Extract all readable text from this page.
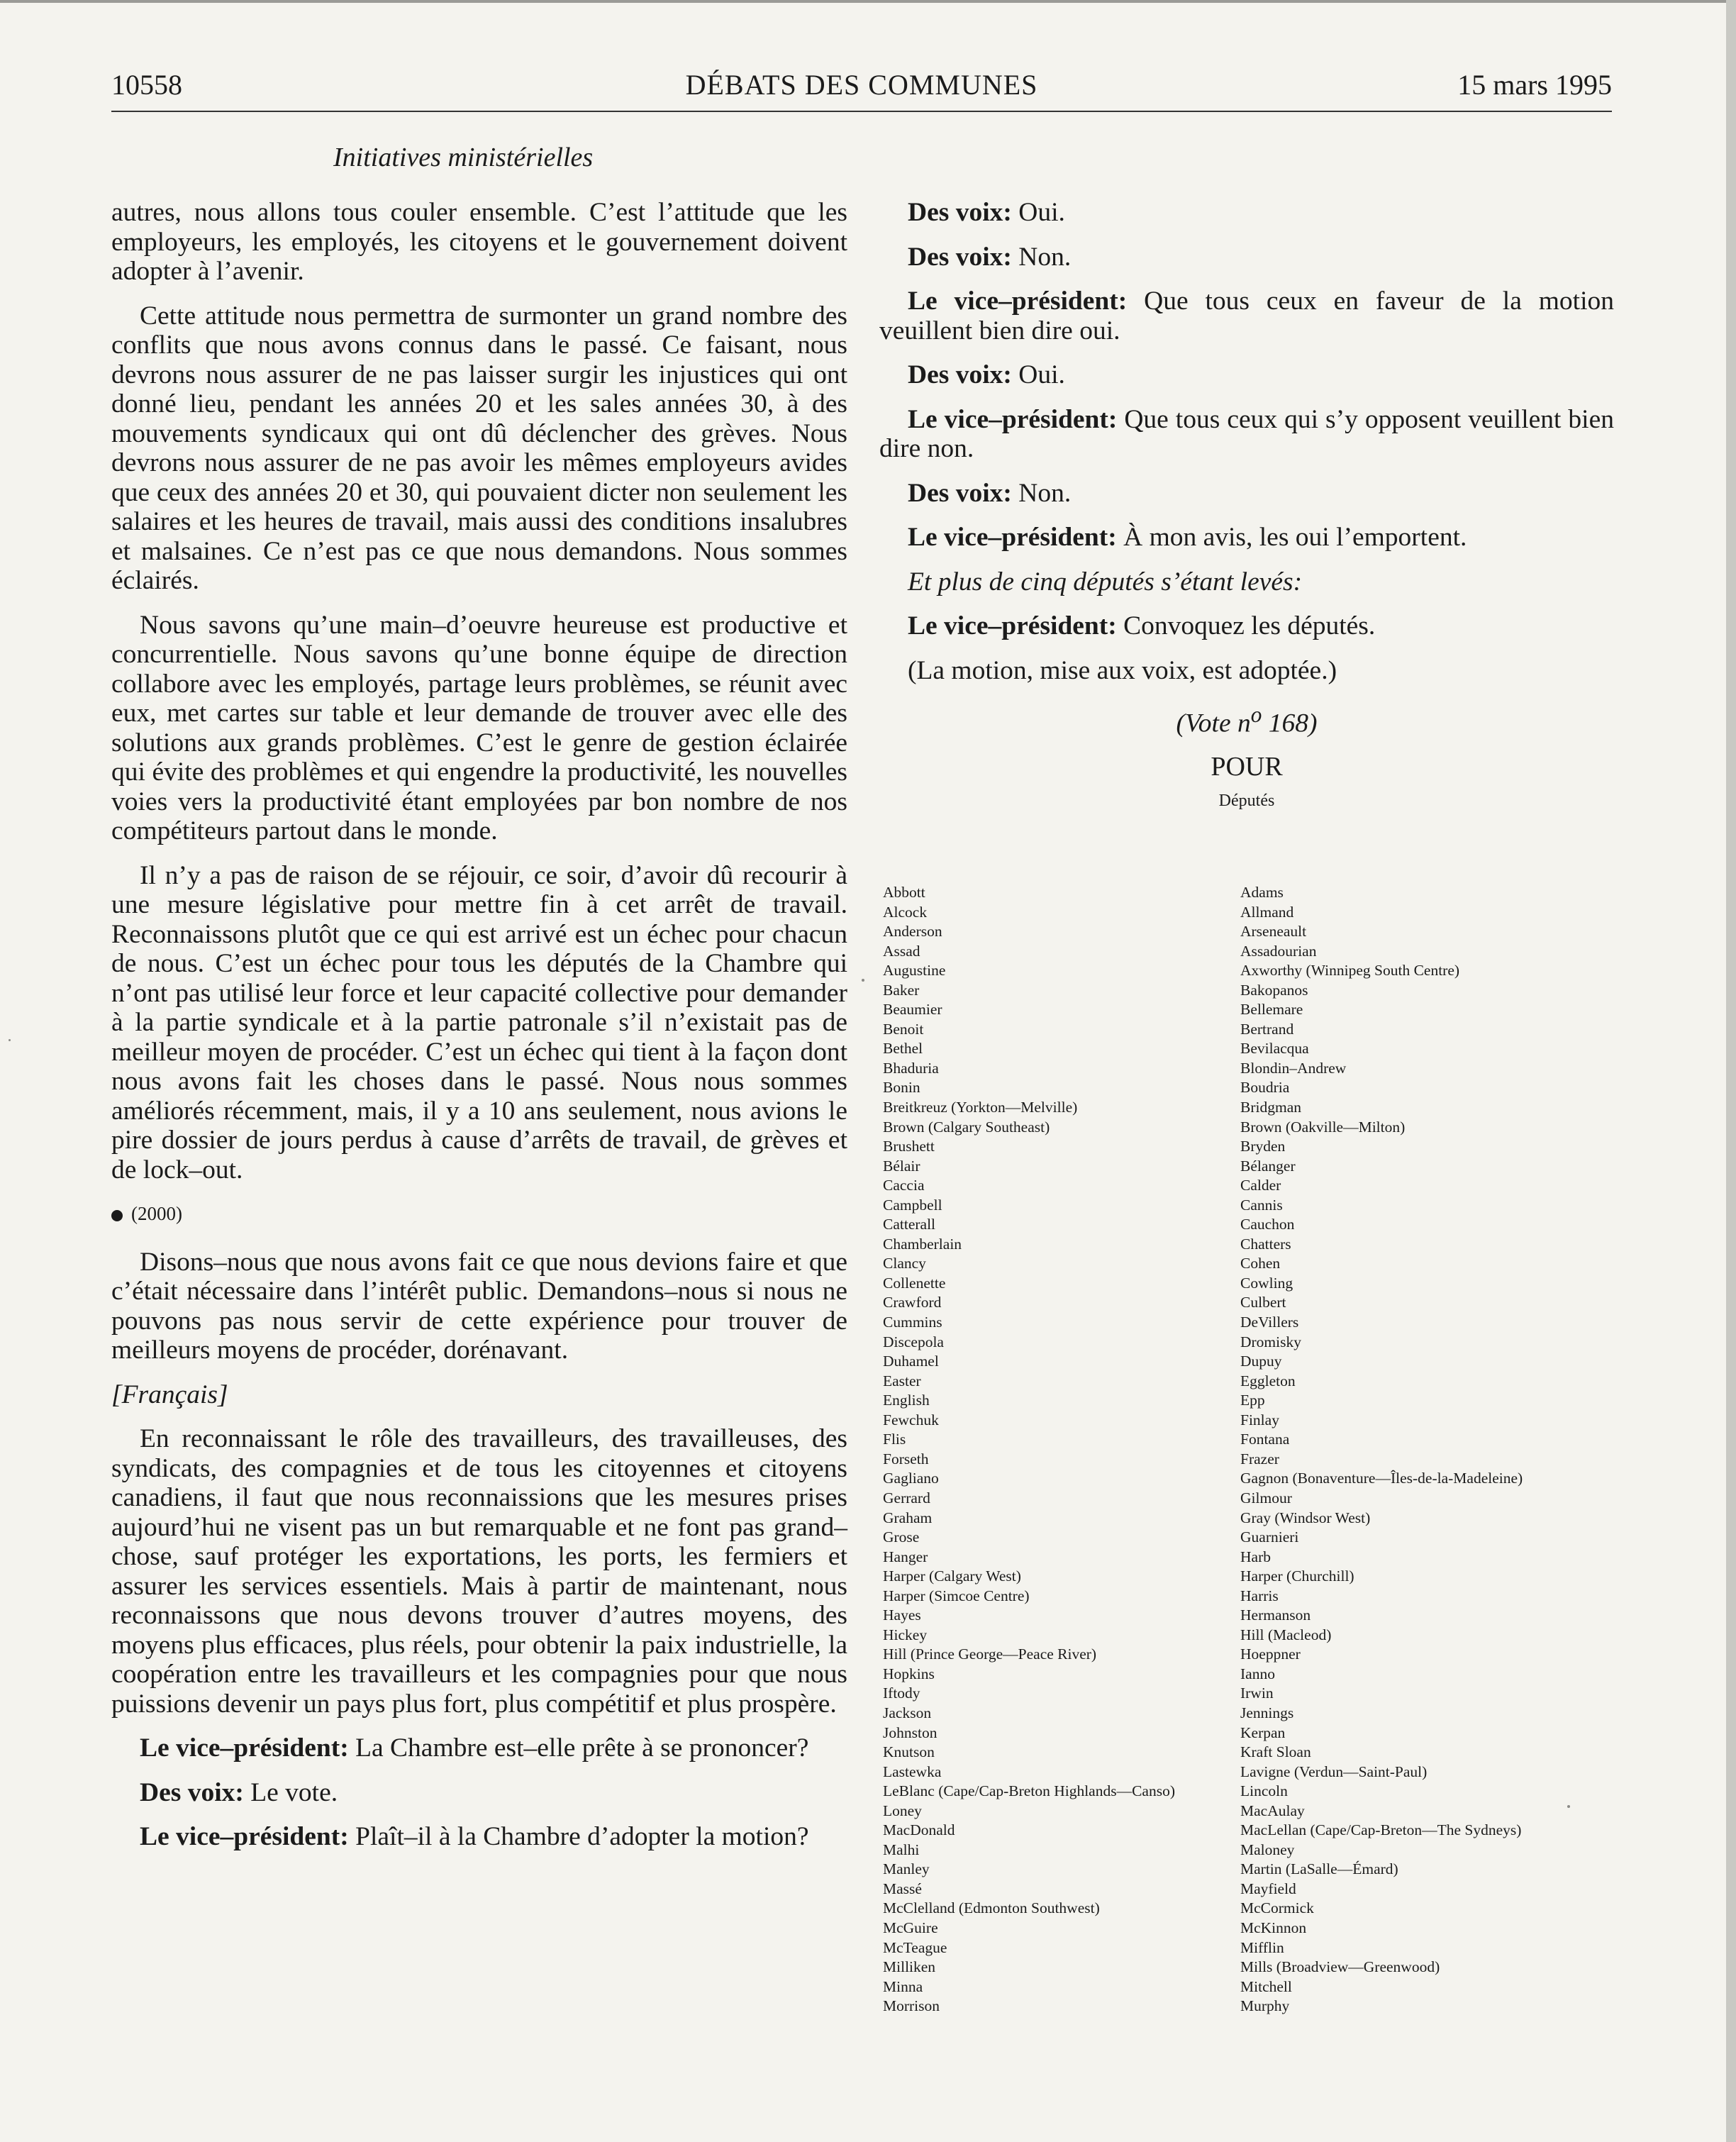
10558	DÉBATS DES COMMUNES	15 mars 1995
Initiatives ministérielles

autres, nous allons tous couler ensemble. C’est l’attitude que les employeurs, les employés, les citoyens et le gouvernement doivent adopter à l’avenir.

Cette attitude nous permettra de surmonter un grand nombre des conflits que nous avons connus dans le passé. Ce faisant, nous devrons nous assurer de ne pas laisser surgir les injustices qui ont donné lieu, pendant les années 20 et les sales années 30, à des mouvements syndicaux qui ont dû déclencher des grèves. Nous devrons nous assurer de ne pas avoir les mêmes employeurs avides que ceux des années 20 et 30, qui pouvaient dicter non seulement les salaires et les heures de travail, mais aussi des conditions insalubres et malsaines. Ce n’est pas ce que nous demandons. Nous sommes éclairés.

Nous savons qu’une main–d’oeuvre heureuse est productive et concurrentielle. Nous savons qu’une bonne équipe de direction collabore avec les employés, partage leurs problèmes, se réunit avec eux, met cartes sur table et leur demande de trouver avec elle des solutions aux grands problèmes. C’est le genre de gestion éclairée qui évite des problèmes et qui engendre la productivité, les nouvelles voies vers la productivité étant employées par bon nombre de nos compétiteurs partout dans le monde.

Il n’y a pas de raison de se réjouir, ce soir, d’avoir dû recourir à une mesure législative pour mettre fin à cet arrêt de travail. Reconnaissons plutôt que ce qui est arrivé est un échec pour chacun de nous. C’est un échec pour tous les députés de la Chambre qui n’ont pas utilisé leur force et leur capacité collective pour demander à la partie syndicale et à la partie patronale s’il n’existait pas de meilleur moyen de procéder. C’est un échec qui tient à la façon dont nous avons fait les choses dans le passé. Nous nous sommes améliorés récemment, mais, il y a 10 ans seulement, nous avions le pire dossier de jours perdus à cause d’arrêts de travail, de grèves et de lock–out.

(2000)

Disons–nous que nous avons fait ce que nous devions faire et que c’était nécessaire dans l’intérêt public. Demandons–nous si nous ne pouvons pas nous servir de cette expérience pour trouver de meilleurs moyens de procéder, dorénavant.

[Français]

En reconnaissant le rôle des travailleurs, des travailleuses, des syndicats, des compagnies et de tous les citoyennes et citoyens canadiens, il faut que nous reconnaissions que les mesures prises aujourd’hui ne visent pas un but remarquable et ne font pas grand–chose, sauf protéger les exportations, les ports, les fermiers et assurer les services essentiels. Mais à partir de maintenant, nous reconnaissons que nous devons trouver d’autres moyens, des moyens plus efficaces, plus réels, pour obtenir la paix industrielle, la coopération entre les travailleurs et les compagnies pour que nous puissions devenir un pays plus fort, plus compétitif et plus prospère.

Le vice–président: La Chambre est–elle prête à se prononcer?

Des voix: Le vote.

Le vice–président: Plaît–il à la Chambre d’adopter la motion?

Des voix: Oui.

Des voix: Non.

Le vice–président: Que tous ceux en faveur de la motion veuillent bien dire oui.

Des voix: Oui.

Le vice–président: Que tous ceux qui s’y opposent veuillent bien dire non.

Des voix: Non.

Le vice–président: À mon avis, les oui l’emportent.

Et plus de cinq députés s’étant levés:

Le vice–président: Convoquez les députés.

(La motion, mise aux voix, est adoptée.)

(Vote $n^o$ 168)
POUR
Députés
Abbott
Alcock
Anderson
Assad
Augustine
Baker
Beaumier
Benoit
Bethel
Bhaduria
Bonin
Breitkreuz (Yorkton—Melville)
Brown (Calgary Southeast)
Brushett
Bélair
Caccia
Campbell
Catterall
Chamberlain
Clancy
Collenette
Crawford
Cummins
Discepola
Duhamel
Easter
English
Fewchuk
Flis
Forseth
Gagliano
Gerrard
Graham
Grose
Hanger
Harper (Calgary West)
Harper (Simcoe Centre)
Hayes
Hickey
Hill (Prince George—Peace River)
Hopkins
Iftody
Jackson
Johnston
Knutson
Lastewka
LeBlanc (Cape/Cap-Breton Highlands—Canso)
Loney
MacDonald
Malhi
Manley
Massé
McClelland (Edmonton Southwest)
McGuire
McTeague
Milliken
Minna
Morrison
Adams
Allmand
Arseneault
Assadourian
Axworthy (Winnipeg South Centre)
Bakopanos
Bellemare
Bertrand
Bevilacqua
Blondin–Andrew
Boudria
Bridgman
Brown (Oakville—Milton)
Bryden
Bélanger
Calder
Cannis
Cauchon
Chatters
Cohen
Cowling
Culbert
DeVillers
Dromisky
Dupuy
Eggleton
Epp
Finlay
Fontana
Frazer
Gagnon (Bonaventure—Îles-de-la-Madeleine)
Gilmour
Gray (Windsor West)
Guarnieri
Harb
Harper (Churchill)
Harris
Hermanson
Hill (Macleod)
Hoeppner
Ianno
Irwin
Jennings
Kerpan
Kraft Sloan
Lavigne (Verdun—Saint-Paul)
Lincoln
MacAulay
MacLellan (Cape/Cap-Breton—The Sydneys)
Maloney
Martin (LaSalle—Émard)
Mayfield
McCormick
McKinnon
Mifflin
Mills (Broadview—Greenwood)
Mitchell
Murphy
